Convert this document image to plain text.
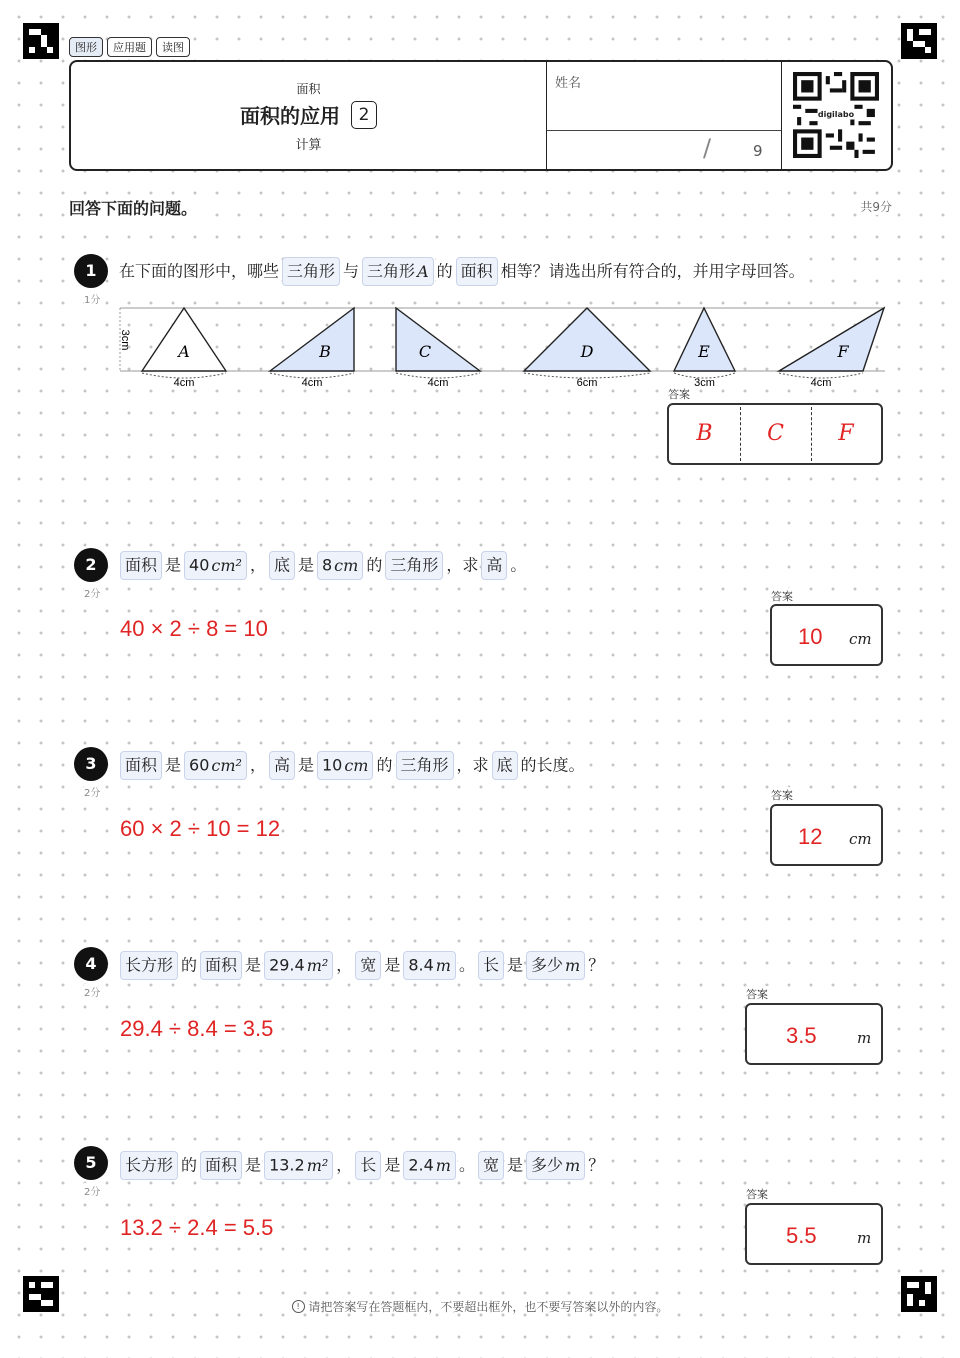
图形 应用题 读图
面积
面积的应用 2
计算
姓名
/	9
digilabo
回答下面的问题。	共9分
1
1分
在下面的图形中，哪些 三角形 与 三角形 A 的 面积 相等？请选出所有符合的，并用字母回答。
3cm
A
4cm
B
4cm
C
4cm
D
6cm
E
3cm
F
4cm
答案
B	C	F
2
2分
面积 是 40 cm² ， 底 是 8 cm 的 三角形 ，求 高 。
40 × 2 ÷ 8 = 10
答案
10 cm
3
2分
面积 是 60 cm² ， 高 是 10 cm 的 三角形 ，求 底 的长度。
60 × 2 ÷ 10 = 12
答案
12 cm
4
2分
长方形 的 面积 是 29.4 m² ， 宽 是 8.4 m 。 长 是 多少 m ？
29.4 ÷ 8.4 = 3.5
答案
3.5	m
5
2分
长方形 的 面积 是 13.2 m² ， 长 是 2.4 m 。 宽 是 多少 m ？
13.2 ÷ 2.4 = 5.5
答案
5.5	m
! 请把答案写在答题框内，不要超出框外，也不要写答案以外的内容。
